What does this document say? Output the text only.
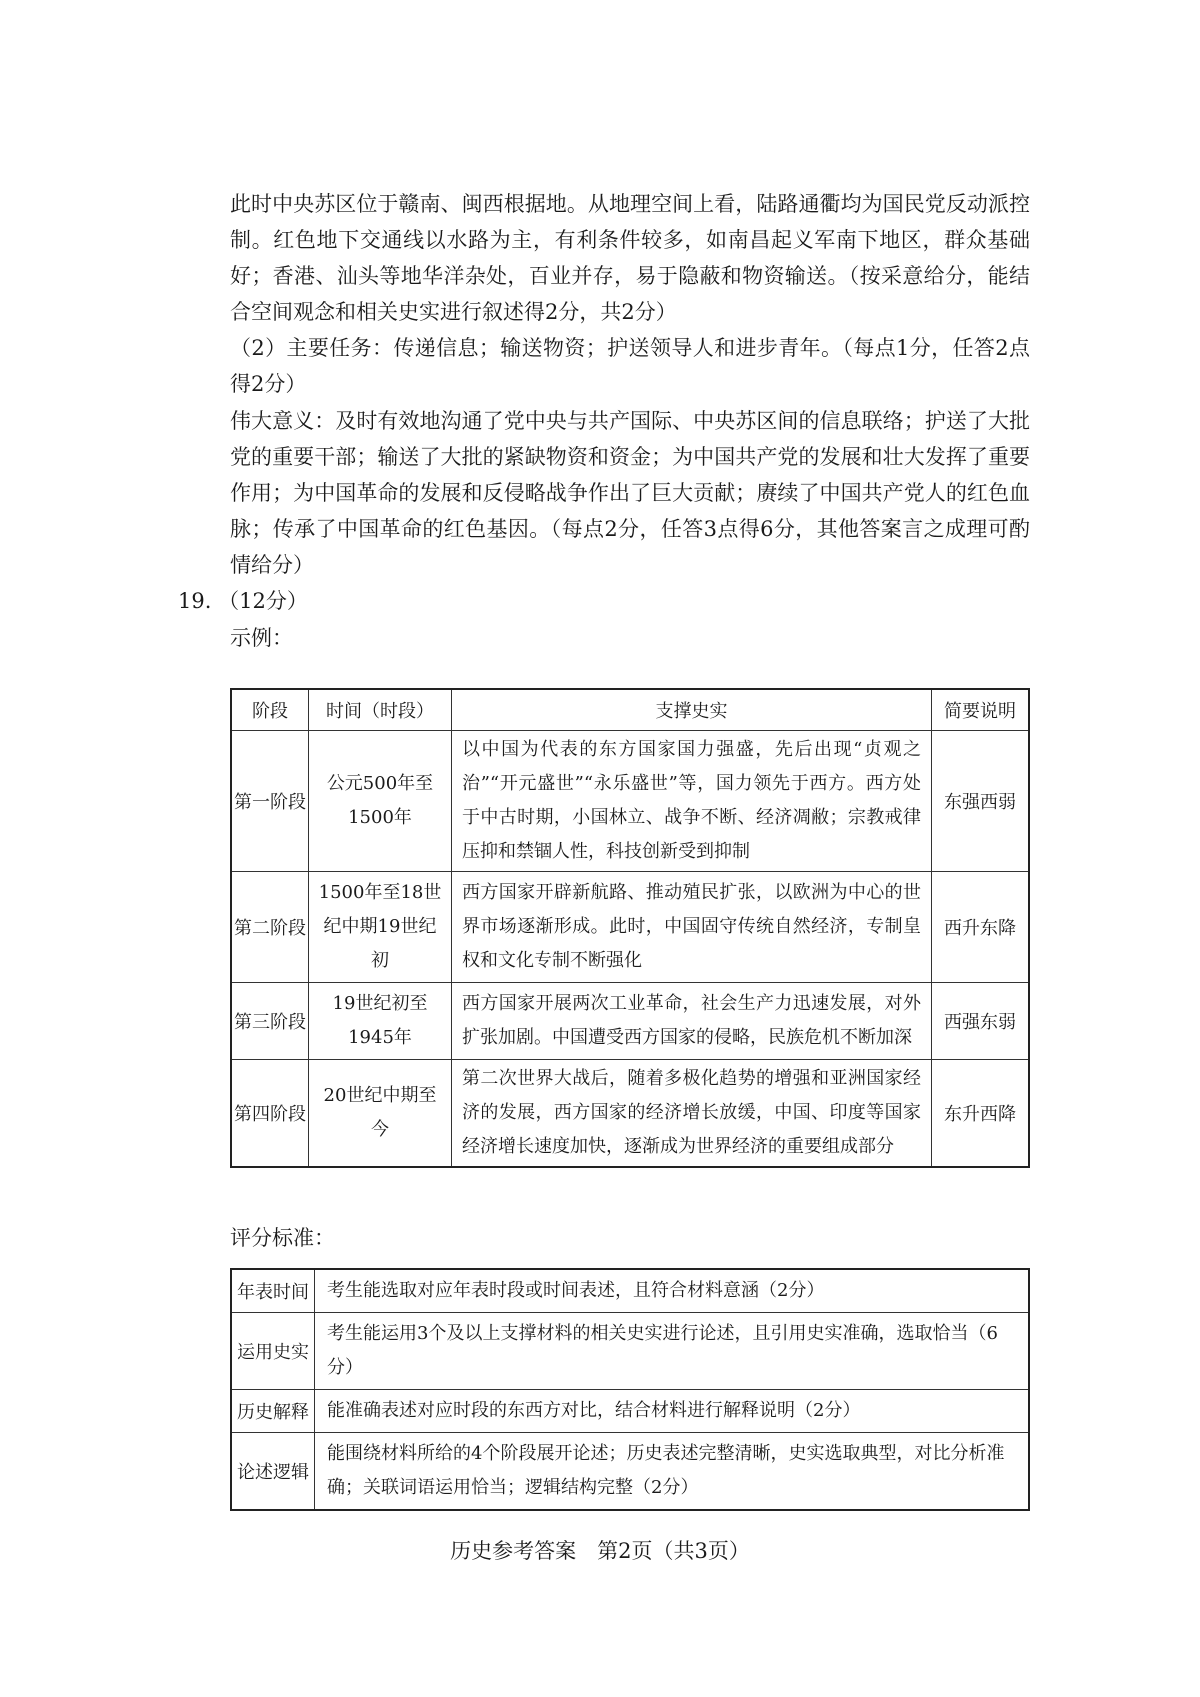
此时中央苏区位于赣南、闽西根据地。从地理空间上看，陆路通衢均为国民党反动派控制。红色地下交通线以水路为主，有利条件较多，如南昌起义军南下地区，群众基础好；香港、汕头等地华洋杂处，百业并存，易于隐蔽和物资输送。（按采意给分，能结合空间观念和相关史实进行叙述得2分，共2分）

（2）主要任务：传递信息；输送物资；护送领导人和进步青年。（每点1分，任答2点得2分）

伟大意义：及时有效地沟通了党中央与共产国际、中央苏区间的信息联络；护送了大批党的重要干部；输送了大批的紧缺物资和资金；为中国共产党的发展和壮大发挥了重要作用；为中国革命的发展和反侵略战争作出了巨大贡献；赓续了中国共产党人的红色血脉；传承了中国革命的红色基因。（每点2分，任答3点得6分，其他答案言之成理可酌情给分）

19. （12分）

示例：

阶段	时间（时段）	支撑史实	简要说明
第一阶段	公元500年至1500年	以中国为代表的东方国家国力强盛，先后出现“贞观之治”“开元盛世”“永乐盛世”等，国力领先于西方。西方处于中古时期，小国林立、战争不断、经济凋敝；宗教戒律压抑和禁锢人性，科技创新受到抑制	东强西弱
第二阶段	1500年至18世纪中期19世纪初	西方国家开辟新航路、推动殖民扩张，以欧洲为中心的世界市场逐渐形成。此时，中国固守传统自然经济，专制皇权和文化专制不断强化	西升东降
第三阶段	19世纪初至1945年	西方国家开展两次工业革命，社会生产力迅速发展，对外扩张加剧。中国遭受西方国家的侵略，民族危机不断加深	西强东弱
第四阶段	20世纪中期至今	第二次世界大战后，随着多极化趋势的增强和亚洲国家经济的发展，西方国家的经济增长放缓，中国、印度等国家经济增长速度加快，逐渐成为世界经济的重要组成部分	东升西降

评分标准：

年表时间	考生能选取对应年表时段或时间表述，且符合材料意涵（2分）
运用史实	考生能运用3个及以上支撑材料的相关史实进行论述，且引用史实准确，选取恰当（6分）
历史解释	能准确表述对应时段的东西方对比，结合材料进行解释说明（2分）
论述逻辑	能围绕材料所给的4个阶段展开论述；历史表述完整清晰，史实选取典型，对比分析准确；关联词语运用恰当；逻辑结构完整（2分）

历史参考答案　第2页（共3页）
